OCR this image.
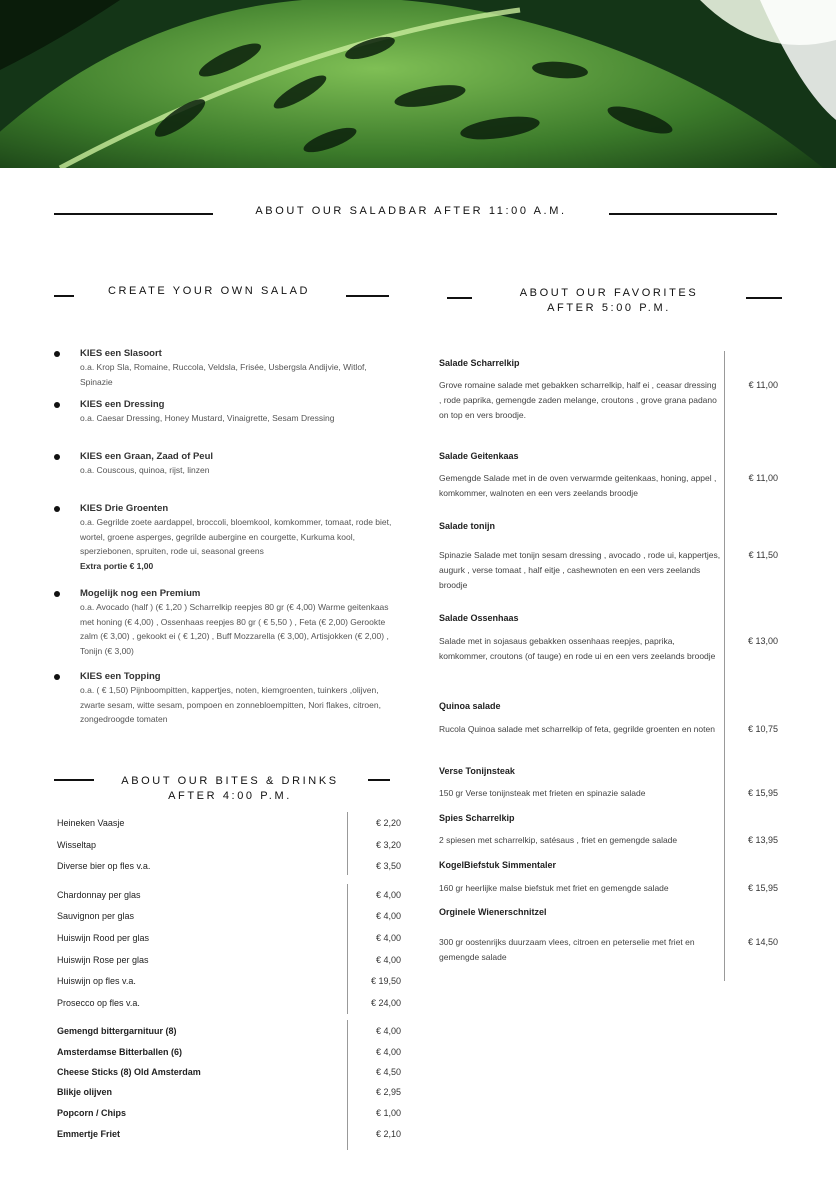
ABOUT OUR SALADBAR AFTER 11:00 A.M.
CREATE YOUR OWN SALAD
KIES een Slasoort
o.a. Krop Sla, Romaine, Ruccola, Veldsla, Frisée, Usbergsla Andijvie, Witlof, Spinazie
KIES een Dressing
o.a. Caesar Dressing, Honey Mustard, Vinaigrette, Sesam Dressing
KIES een Graan, Zaad of Peul
o.a. Couscous, quinoa, rijst, linzen
KIES Drie Groenten
o.a. Gegrilde zoete aardappel, broccoli, bloemkool, komkommer, tomaat, rode biet, wortel, groene asperges, gegrilde aubergine en courgette, Kurkuma kool, sperziebonen, spruiten, rode ui, seasonal greens
Extra portie € 1,00
Mogelijk nog een Premium
o.a. Avocado (half ) (€ 1,20 ) Scharrelkip reepjes 80 gr (€ 4,00) Warme geitenkaas met honing (€ 4,00) , Ossenhaas reepjes 80 gr ( € 5,50 ) , Feta (€ 2,00) Gerookte zalm (€ 3,00) , gekookt ei ( € 1,20) , Buff Mozzarella (€ 3,00), Artisjokken (€ 2,00) , Tonijn (€ 3,00)
KIES een Topping
o.a. ( € 1,50) Pijnboompitten, kappertjes, noten, kiemgroenten, tuinkers ,olijven, zwarte sesam, witte sesam, pompoen en zonnebloempitten, Nori flakes, citroen, zongedroogde tomaten
ABOUT OUR BITES & DRINKS
AFTER 4:00 P.M.
Heineken Vaasje	€ 2,20
Wisseltap	€ 3,20
Diverse bier op fles v.a.	€ 3,50
Chardonnay per glas	€ 4,00
Sauvignon per glas	€ 4,00
Huiswijn Rood per glas	€ 4,00
Huiswijn Rose per glas	€ 4,00
Huiswijn op fles v.a.	€ 19,50
Prosecco op fles v.a.	€ 24,00
Gemengd bittergarnituur (8)	€ 4,00
Amsterdamse Bitterballen (6)	€ 4,00
Cheese Sticks (8) Old Amsterdam	€ 4,50
Blikje olijven	€ 2,95
Popcorn / Chips	€ 1,00
Emmertje Friet	€ 2,10
ABOUT OUR FAVORITES
AFTER 5:00 P.M.
Salade Scharrelkip
Grove romaine salade met gebakken scharrelkip, half ei , ceasar dressing , rode paprika, gemengde zaden melange, croutons , grove grana padano on top en vers broodje.
€ 11,00
Salade Geitenkaas
Gemengde Salade met in de oven verwarmde geitenkaas, honing, appel , komkommer, walnoten en een vers zeelands broodje
€ 11,00
Salade tonijn
Spinazie Salade met tonijn sesam dressing , avocado , rode ui, kappertjes, augurk , verse tomaat , half eitje , cashewnoten en een vers zeelands broodje
€ 11,50
Salade Ossenhaas
Salade met in sojasaus gebakken ossenhaas reepjes, paprika, komkommer, croutons (of tauge) en rode ui en een vers zeelands broodje
€ 13,00
Quinoa salade
Rucola Quinoa salade met scharrelkip of feta, gegrilde groenten en noten	€ 10,75
Verse Tonijnsteak
150 gr Verse tonijnsteak met frieten en spinazie salade	€ 15,95
Spies Scharrelkip
2 spiesen met scharrelkip, satésaus , friet en gemengde salade	€ 13,95
KogelBiefstuk Simmentaler
160 gr heerlijke malse biefstuk met friet en gemengde salade	€ 15,95
Orginele Wienerschnitzel
300 gr oostenrijks duurzaam vlees, citroen en peterselie met friet en gemengde salade
€ 14,50
